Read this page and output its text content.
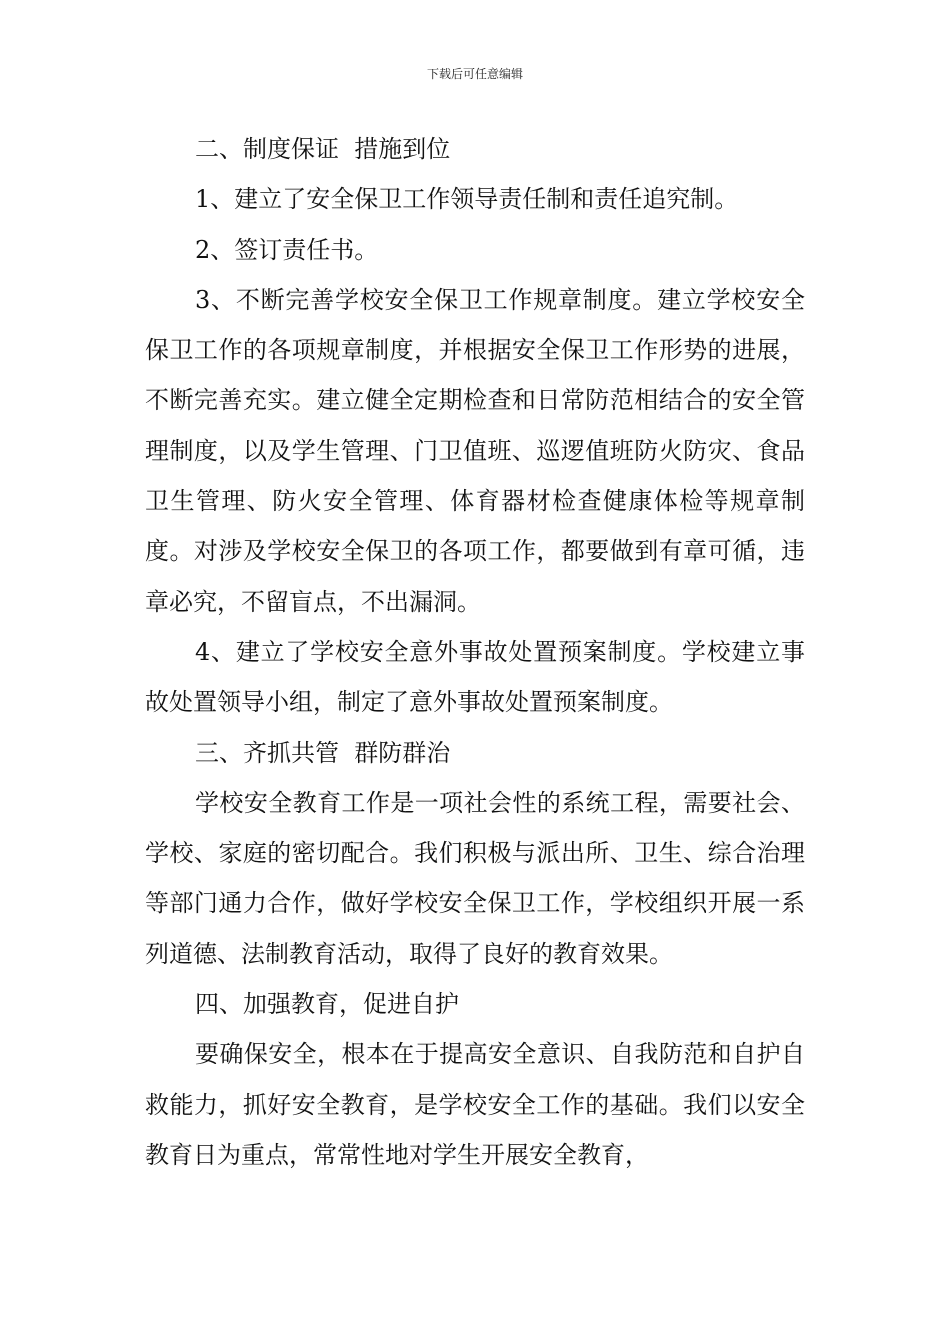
下载后可任意编辑

二、制度保证  措施到位

1、建立了安全保卫工作领导责任制和责任追究制。

2、签订责任书。

3、不断完善学校安全保卫工作规章制度。建立学校安全保卫工作的各项规章制度，并根据安全保卫工作形势的进展，不断完善充实。建立健全定期检查和日常防范相结合的安全管理制度，以及学生管理、门卫值班、巡逻值班防火防灾、食品卫生管理、防火安全管理、体育器材检查健康体检等规章制度。对涉及学校安全保卫的各项工作，都要做到有章可循，违章必究，不留盲点，不出漏洞。

4、建立了学校安全意外事故处置预案制度。学校建立事故处置领导小组，制定了意外事故处置预案制度。

三、齐抓共管  群防群治

学校安全教育工作是一项社会性的系统工程，需要社会、学校、家庭的密切配合。我们积极与派出所、卫生、综合治理等部门通力合作，做好学校安全保卫工作，学校组织开展一系列道德、法制教育活动，取得了良好的教育效果。

四、加强教育，促进自护

要确保安全，根本在于提高安全意识、自我防范和自护自救能力，抓好安全教育，是学校安全工作的基础。我们以安全教育日为重点，常常性地对学生开展安全教育，
